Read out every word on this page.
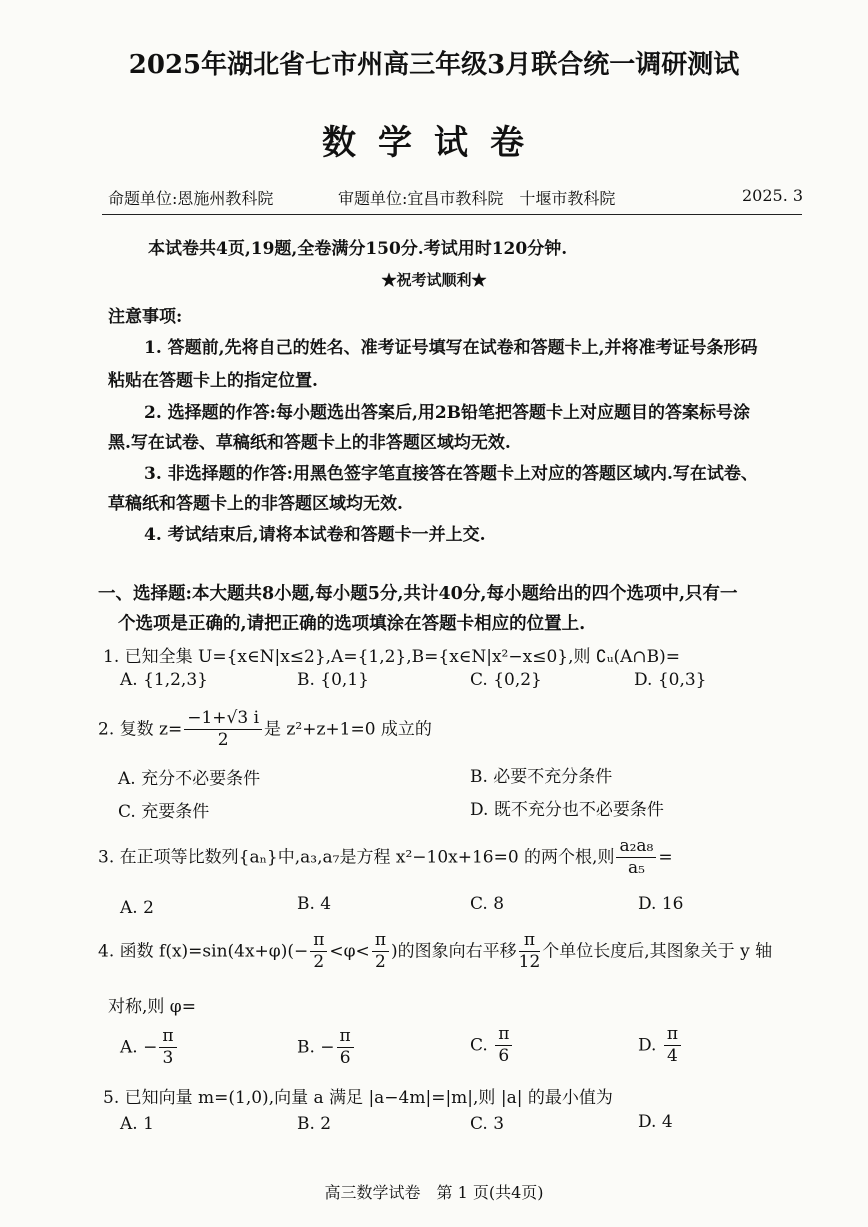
2025年湖北省七市州高三年级3月联合统一调研测试
数学试卷
命题单位:恩施州教科院	审题单位:宜昌市教科院　十堰市教科院	2025. 3
本试卷共4页,19题,全卷满分150分.考试用时120分钟.
★祝考试顺利★
注意事项:
1. 答题前,先将自己的姓名、准考证号填写在试卷和答题卡上,并将准考证号条形码
粘贴在答题卡上的指定位置.
2. 选择题的作答:每小题选出答案后,用2B铅笔把答题卡上对应题目的答案标号涂
黑.写在试卷、草稿纸和答题卡上的非答题区域均无效.
3. 非选择题的作答:用黑色签字笔直接答在答题卡上对应的答题区域内.写在试卷、
草稿纸和答题卡上的非答题区域均无效.
4. 考试结束后,请将本试卷和答题卡一并上交.
一、选择题:本大题共8小题,每小题5分,共计40分,每小题给出的四个选项中,只有一
个选项是正确的,请把正确的选项填涂在答题卡相应的位置上.
1. 已知全集 U={x∈N|x≤2},A={1,2},B={x∈N|x²−x≤0},则 ∁ᵤ(A∩B)=
A. {1,2,3}	B. {0,1}	C. {0,2}	D. {0,3}
2. 复数 $z= \frac{-1+√3 i}{2}$ 是 z²+z+1=0 成立的
A. 充分不必要条件	B. 必要不充分条件
C. 充要条件	D. 既不充分也不必要条件
3. 在正项等比数列{aₙ}中,a₃,a₇是方程 x²−10x+16=0 的两个根,则 $\frac{\text{a₂a₈}}{\text{a₅}}$ =
A. 2	B. 4	C. 8	D. 16
4. 函数 $f(x)=\sin(4x+\varphi)(- \frac{\pi}{2} <\varphi< \frac{\pi}{2}$ )的图象向右平移 $\frac{\pi}{12}$ 个单位长度后,其图象关于 y 轴
对称,则 φ=
A. − $\frac{\pi}{3}$	B. − $\frac{\pi}{6}$	C. $\frac{\pi}{6}$	D. $\frac{\pi}{4}$
5. 已知向量 m=(1,0),向量 a 满足 |a−4m|=|m|,则 |a| 的最小值为
A. 1	B. 2	C. 3	D. 4
高三数学试卷　第 1 页(共4页)
